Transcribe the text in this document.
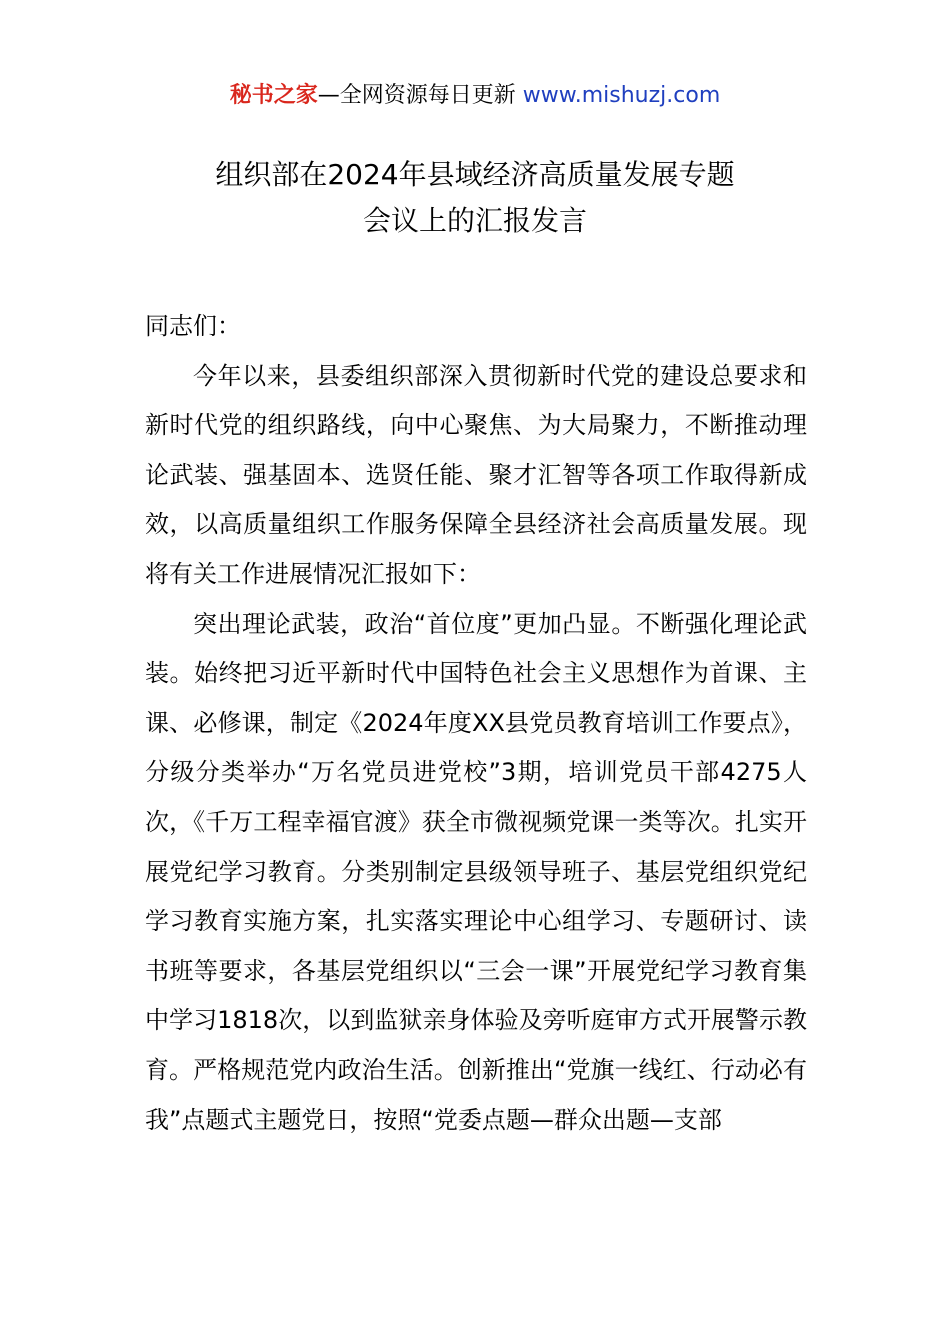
秘书之家—全网资源每日更新 www.mishuzj.com
组织部在2024年县域经济高质量发展专题
会议上的汇报发言

同志们：

今年以来，县委组织部深入贯彻新时代党的建设总要求和新时代党的组织路线，向中心聚焦、为大局聚力，不断推动理论武装、强基固本、选贤任能、聚才汇智等各项工作取得新成效，以高质量组织工作服务保障全县经济社会高质量发展。现将有关工作进展情况汇报如下：

突出理论武装，政治“首位度”更加凸显。不断强化理论武装。始终把习近平新时代中国特色社会主义思想作为首课、主课、必修课，制定《2024年度XX县党员教育培训工作要点》，分级分类举办“万名党员进党校”3期，培训党员干部4275人次，《千万工程幸福官渡》获全市微视频党课一类等次。扎实开展党纪学习教育。分类别制定县级领导班子、基层党组织党纪学习教育实施方案，扎实落实理论中心组学习、专题研讨、读书班等要求，各基层党组织以“三会一课”开展党纪学习教育集中学习1818次，以到监狱亲身体验及旁听庭审方式开展警示教育。严格规范党内政治生活。创新推出“党旗一线红、行动必有我”点题式主题党日，按照“党委点题—群众出题—支部
